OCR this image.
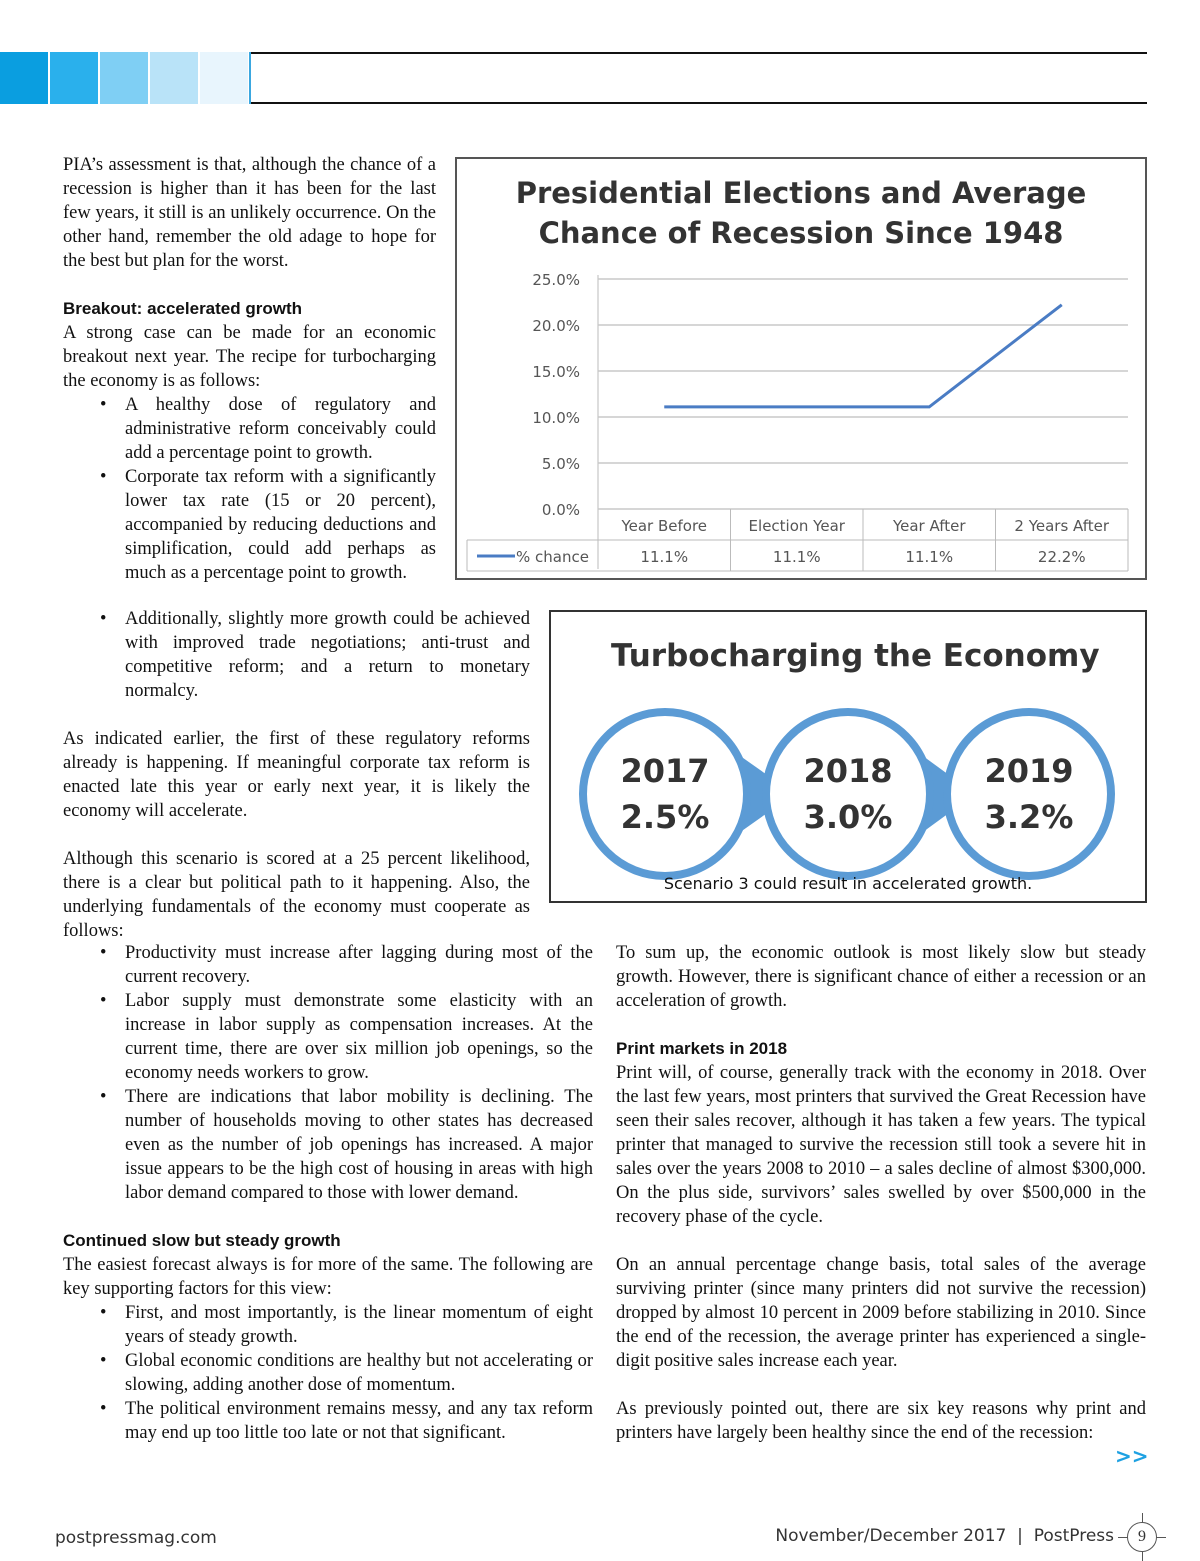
PIA’s assessment is that, although the chance of a recession is higher than it has been for the last few years, it still is an unlikely occurrence. On the other hand, remember the old adage to hope for the best but plan for the worst.

Breakout: accelerated growth

A strong case can be made for an economic breakout next year. The recipe for turbocharging the economy is as follows:

• A healthy dose of regulatory and administrative reform conceivably could add a percentage point to growth.
• Corporate tax reform with a significantly lower tax rate (15 or 20 percent), accompanied by reducing deductions and simplification, could add perhaps as much as a percentage point to growth.
• Additionally, slightly more growth could be achieved with improved trade negotiations; anti-trust and competitive reform; and a return to monetary normalcy.

As indicated earlier, the first of these regulatory reforms already is happening. If meaningful corporate tax reform is enacted late this year or early next year, it is likely the economy will accelerate.

Although this scenario is scored at a 25 percent likelihood, there is a clear but political path to it happening. Also, the underlying fundamentals of the economy must cooperate as follows:

• Productivity must increase after lagging during most of the current recovery.
• Labor supply must demonstrate some elasticity with an increase in labor supply as compensation increases. At the current time, there are over six million job openings, so the economy needs workers to grow.
• There are indications that labor mobility is declining. The number of households moving to other states has decreased even as the number of job openings has increased. A major issue appears to be the high cost of housing in areas with high labor demand compared to those with lower demand.
Continued slow but steady growth

The easiest forecast always is for more of the same. The following are key supporting factors for this view:

• First, and most importantly, is the linear momentum of eight years of steady growth.
• Global economic conditions are healthy but not accelerating or slowing, adding another dose of momentum.
• The political environment remains messy, and any tax reform may end up too little too late or not that significant.

To sum up, the economic outlook is most likely slow but steady growth. However, there is significant chance of either a recession or an acceleration of growth.

Print markets in 2018

Print will, of course, generally track with the economy in 2018. Over the last few years, most printers that survived the Great Recession have seen their sales recover, although it has taken a few years. The typical printer that managed to survive the recession still took a severe hit in sales over the years 2008 to 2010 – a sales decline of almost $300,000. On the plus side, survivors’ sales swelled by over $500,000 in the recovery phase of the cycle.

On an annual percentage change basis, total sales of the average surviving printer (since many printers did not survive the recession) dropped by almost 10 percent in 2009 before stabilizing in 2010. Since the end of the recession, the average printer has experienced a single-digit positive sales increase each year.

As previously pointed out, there are six key reasons why print and printers have largely been healthy since the end of the recession:

Presidential Elections and Average
Chance of Recession Since 1948
0.0%
5.0%
10.0%
15.0%
20.0%
25.0%
Year Before
11.1%
Election Year
11.1%
Year After
11.1%
2 Years After
22.2%
% chance
Turbocharging the Economy
2017
2.5%
2018
3.0%
2019
3.2%
Scenario 3 could result in accelerated growth.
>>
postpressmag.com	November/December 2017  |  PostPress	9
